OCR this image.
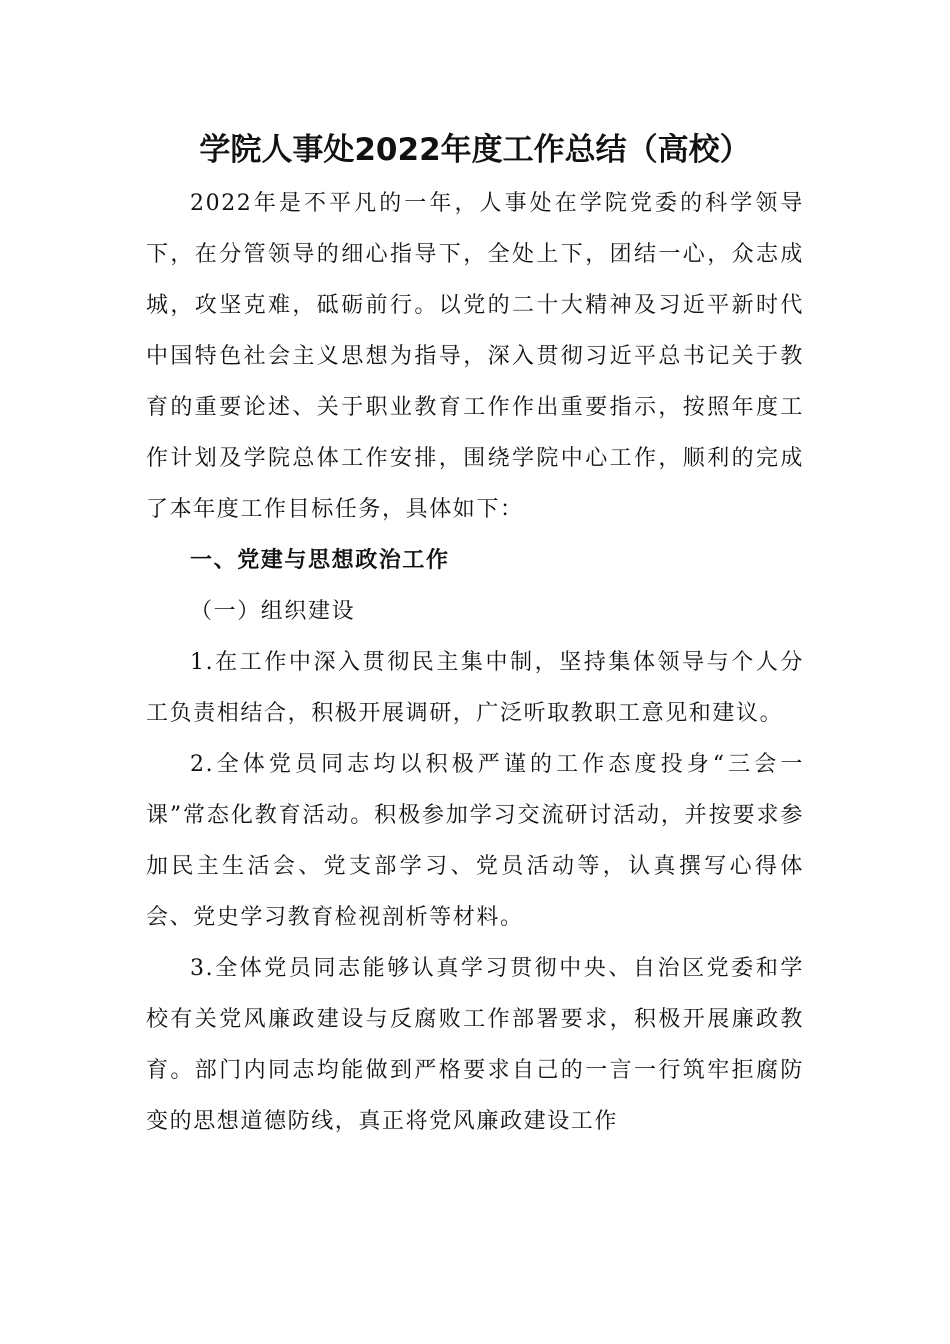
学院人事处2022年度工作总结（高校）

2022年是不平凡的一年，人事处在学院党委的科学领导下，在分管领导的细心指导下，全处上下，团结一心，众志成城，攻坚克难，砥砺前行。以党的二十大精神及习近平新时代中国特色社会主义思想为指导，深入贯彻习近平总书记关于教育的重要论述、关于职业教育工作作出重要指示，按照年度工作计划及学院总体工作安排，围绕学院中心工作，顺利的完成了本年度工作目标任务，具体如下：

一、党建与思想政治工作

（一）组织建设

1.在工作中深入贯彻民主集中制，坚持集体领导与个人分工负责相结合，积极开展调研，广泛听取教职工意见和建议。

2.全体党员同志均以积极严谨的工作态度投身“三会一课”常态化教育活动。积极参加学习交流研讨活动，并按要求参加民主生活会、党支部学习、党员活动等，认真撰写心得体会、党史学习教育检视剖析等材料。

3.全体党员同志能够认真学习贯彻中央、自治区党委和学校有关党风廉政建设与反腐败工作部署要求，积极开展廉政教育。部门内同志均能做到严格要求自己的一言一行筑牢拒腐防变的思想道德防线，真正将党风廉政建设工作
